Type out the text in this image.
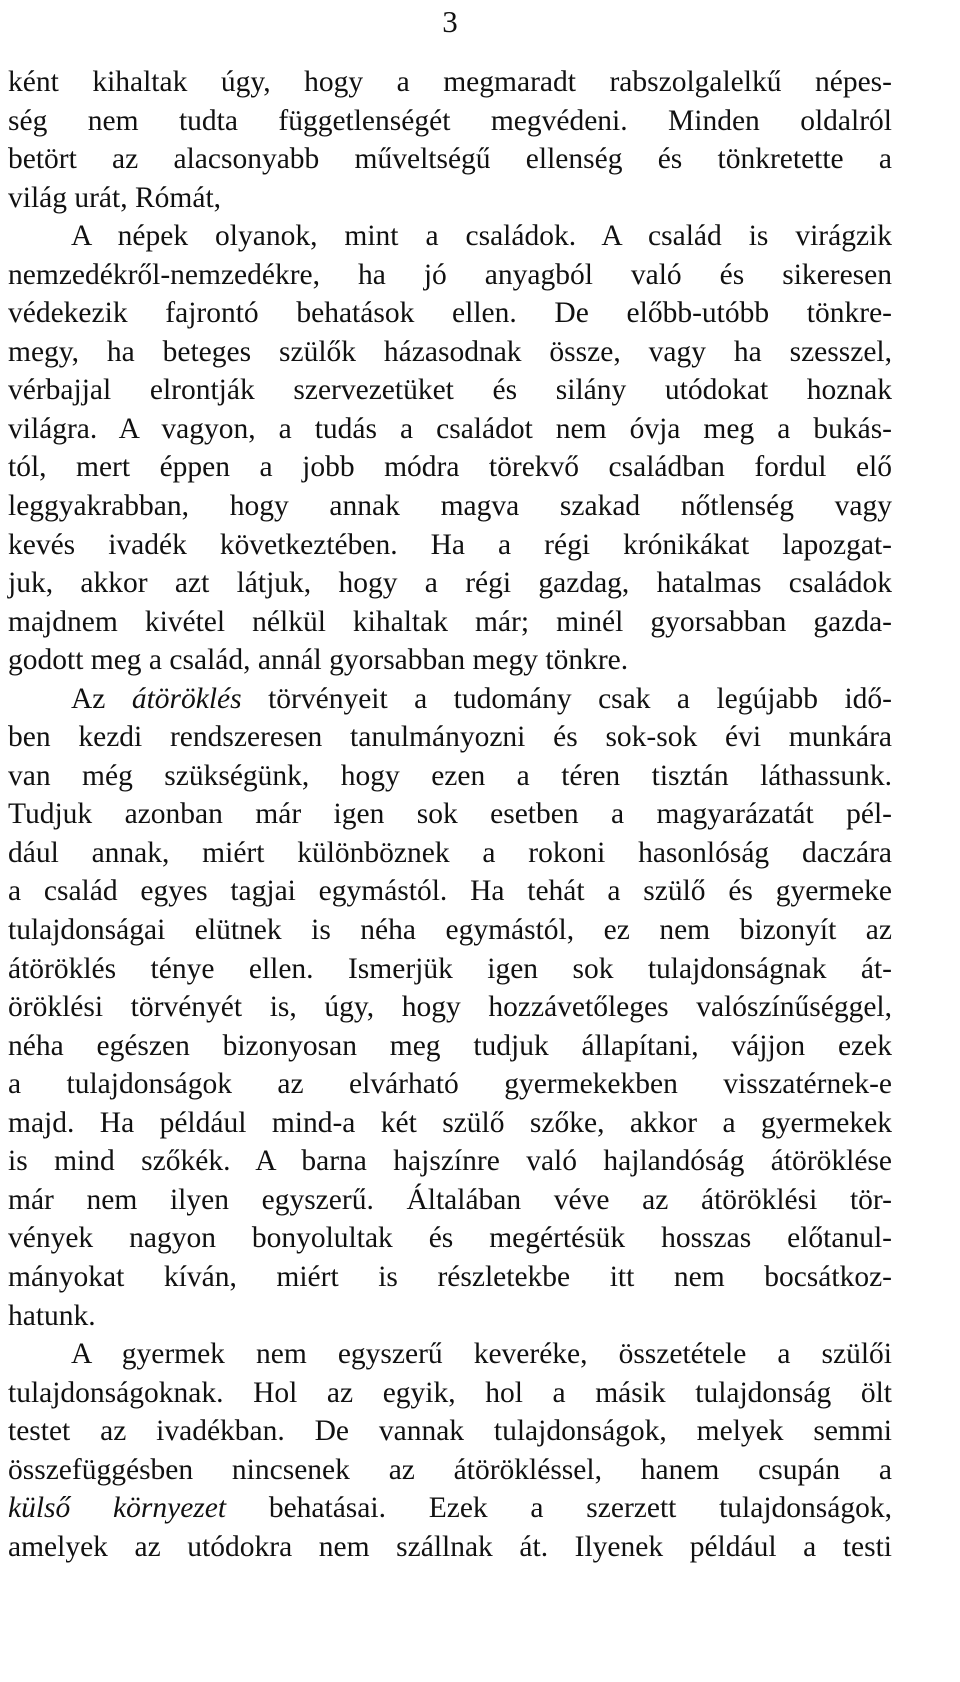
3
ként kihaltak úgy, hogy a megmaradt rabszolgalelkű népes-
ség nem tudta függetlenségét megvédeni. Minden oldalról
betört az alacsonyabb műveltségű ellenség és tönkretette a
világ urát, Rómát,
A népek olyanok, mint a családok. A család is virágzik
nemzedékről-nemzedékre, ha jó anyagból való és sikeresen
védekezik fajrontó behatások ellen. De előbb-utóbb tönkre-
megy, ha beteges szülők házasodnak össze, vagy ha szesszel,
vérbajjal elrontják szervezetüket és silány utódokat hoznak
világra. A vagyon, a tudás a családot nem óvja meg a bukás-
tól, mert éppen a jobb módra törekvő családban fordul elő
leggyakrabban, hogy annak magva szakad nőtlenség vagy
kevés ivadék következtében. Ha a régi krónikákat lapozgat-
juk, akkor azt látjuk, hogy a régi gazdag, hatalmas családok
majdnem kivétel nélkül kihaltak már; minél gyorsabban gazda-
godott meg a család, annál gyorsabban megy tönkre.
Az átöröklés törvényeit a tudomány csak a legújabb idő-
ben kezdi rendszeresen tanulmányozni és sok-sok évi munkára
van még szükségünk, hogy ezen a téren tisztán láthassunk.
Tudjuk azonban már igen sok esetben a magyarázatát pél-
dául annak, miért különböznek a rokoni hasonlóság daczára
a család egyes tagjai egymástól. Ha tehát a szülő és gyermeke
tulajdonságai elütnek is néha egymástól, ez nem bizonyít az
átöröklés ténye ellen. Ismerjük igen sok tulajdonságnak át-
öröklési törvényét is, úgy, hogy hozzávetőleges valószínűséggel,
néha egészen bizonyosan meg tudjuk állapítani, vájjon ezek
a tulajdonságok az elvárható gyermekekben visszatérnek-e
majd. Ha például mind-a két szülő szőke, akkor a gyermekek
is mind szőkék. A barna hajszínre való hajlandóság átöröklése
már nem ilyen egyszerű. Általában véve az átöröklési tör-
vények nagyon bonyolultak és megértésük hosszas előtanul-
mányokat kíván, miért is részletekbe itt nem bocsátkoz-
hatunk.
A gyermek nem egyszerű keveréke, összetétele a szülői
tulajdonságoknak. Hol az egyik, hol a másik tulajdonság ölt
testet az ivadékban. De vannak tulajdonságok, melyek semmi
összefüggésben nincsenek az átörökléssel, hanem csupán a
külső környezet behatásai. Ezek a szerzett tulajdonságok,
amelyek az utódokra nem szállnak át. Ilyenek például a testi
